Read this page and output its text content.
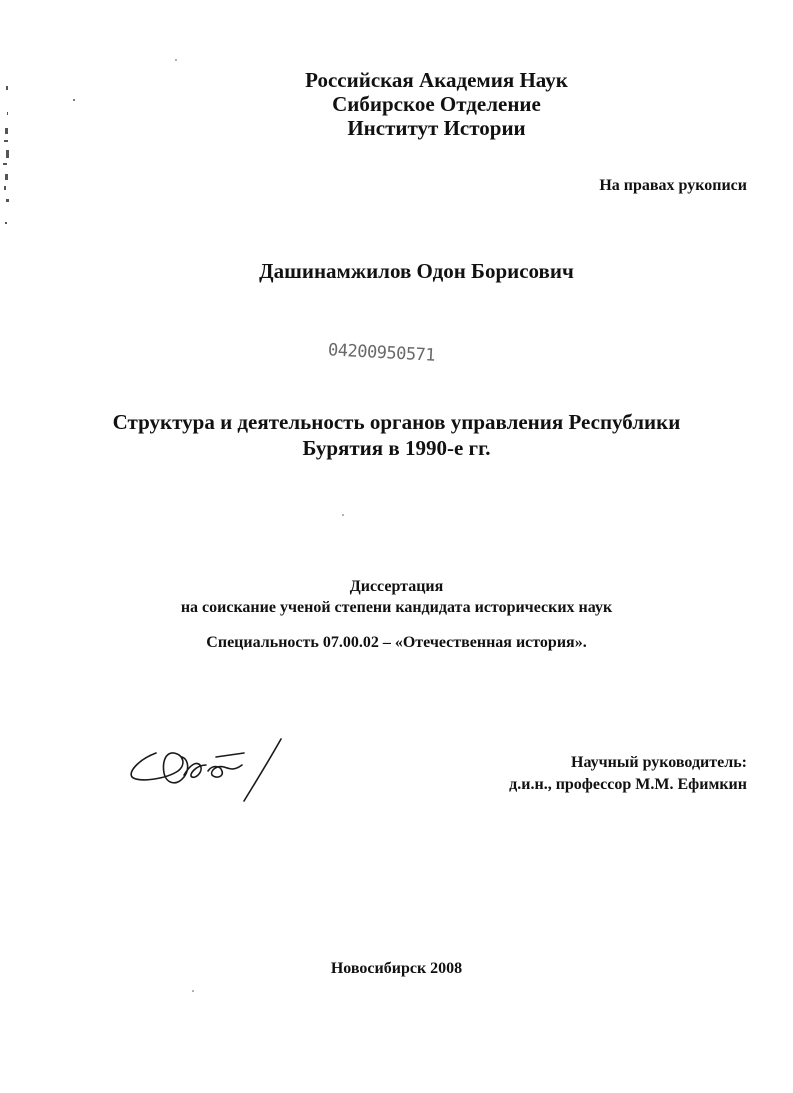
Российская Академия Наук
Сибирское Отделение
Институт Истории
На правах рукописи
Дашинамжилов Одон Борисович
04200950571
Структура и деятельность органов управления Республики
Бурятия в 1990-е гг.
Диссертация
на соискание ученой степени кандидата исторических наук
Специальность 07.00.02 – «Отечественная история».
Научный руководитель:
д.и.н., профессор М.М. Ефимкин
Новосибирск 2008
